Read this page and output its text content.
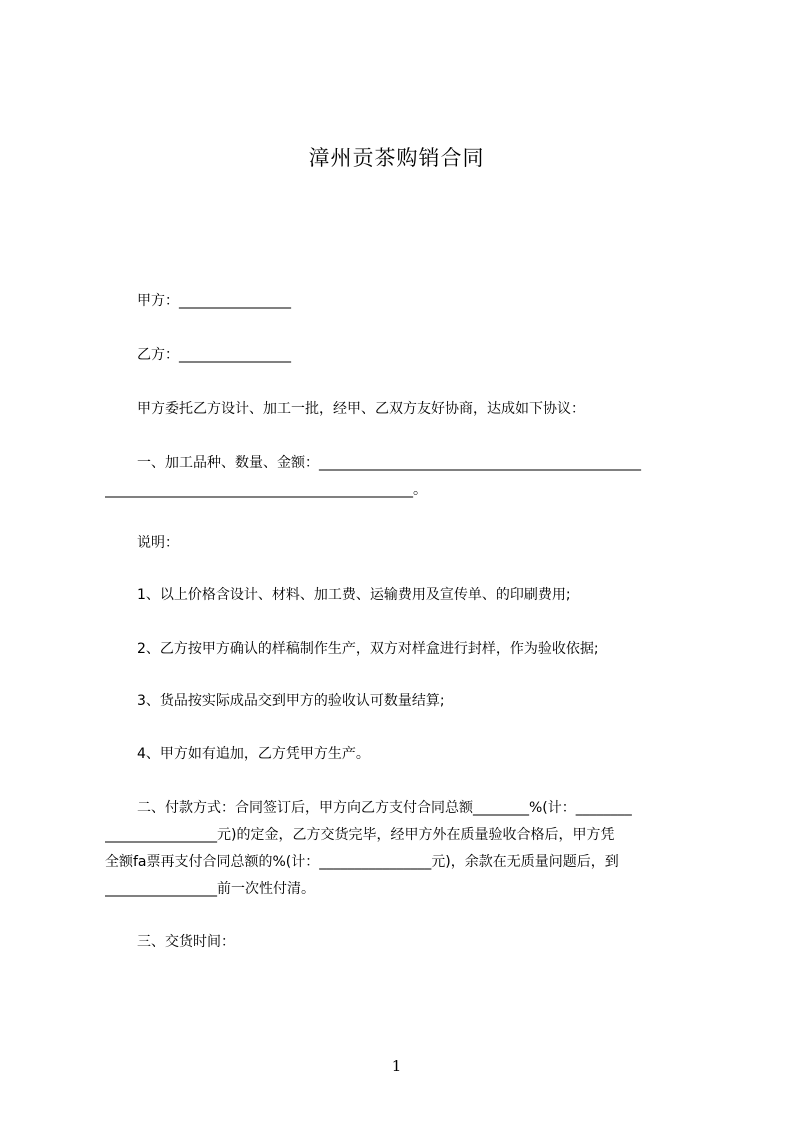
漳州贡茶购销合同
甲方：________________
乙方：________________
甲方委托乙方设计、加工一批，经甲、乙双方友好协商，达成如下协议：
一、加工品种、数量、金额：______________________________________________
____________________________________________。
说明：
1、以上价格含设计、材料、加工费、运输费用及宣传单、的印刷费用;
2、乙方按甲方确认的样稿制作生产，双方对样盒进行封样，作为验收依据;
3、货品按实际成品交到甲方的验收认可数量结算;
4、甲方如有追加，乙方凭甲方生产。
二、付款方式：合同签订后，甲方向乙方支付合同总额________%(计：________
________________元)的定金，乙方交货完毕，经甲方外在质量验收合格后，甲方凭
全额fa票再支付合同总额的%(计：________________元)，余款在无质量问题后，到
________________前一次性付清。
三、交货时间：
1
